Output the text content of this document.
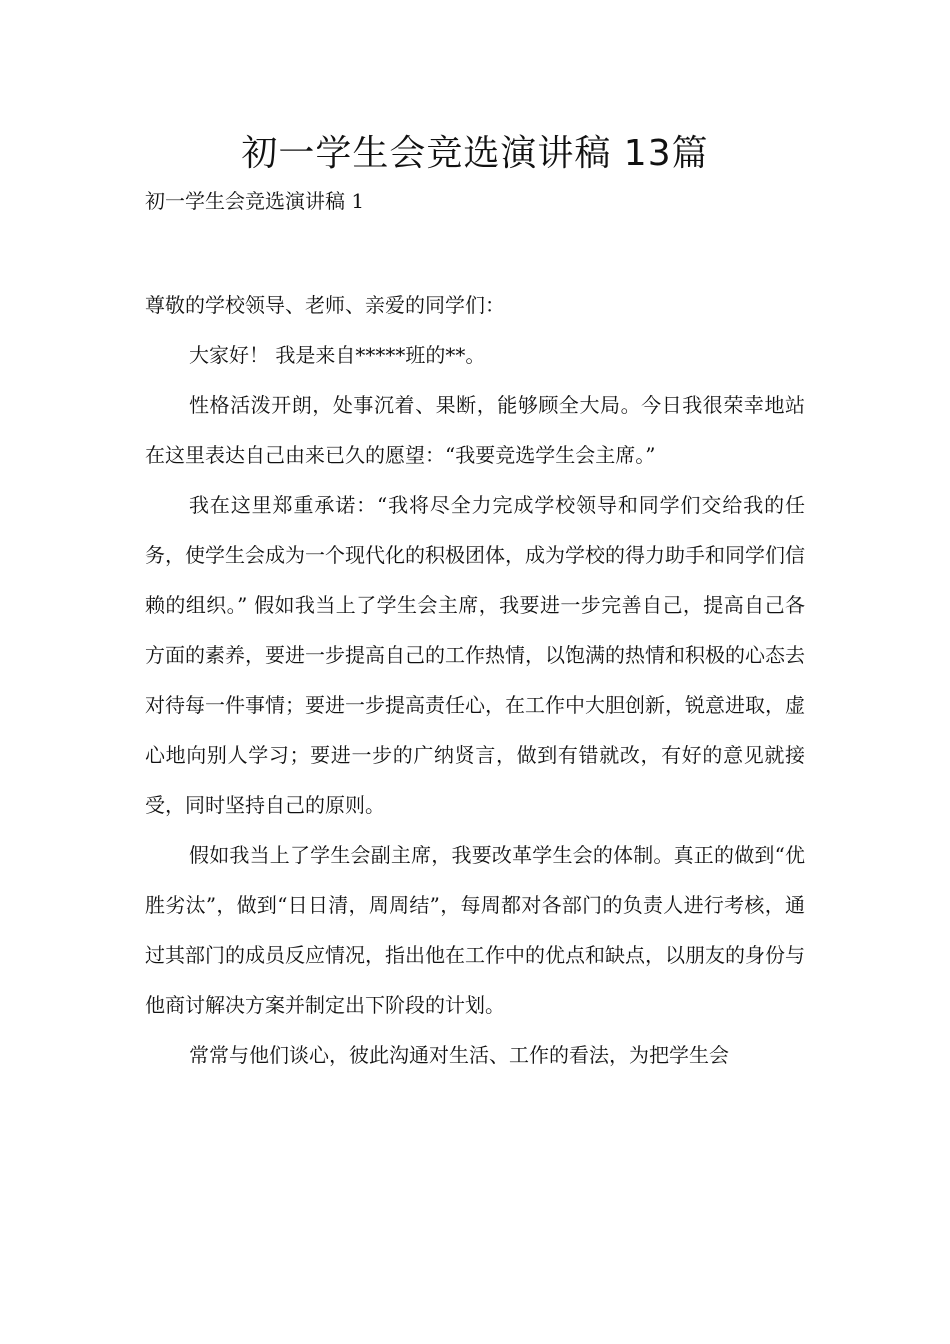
初一学生会竞选演讲稿 13篇
初一学生会竞选演讲稿 1

尊敬的学校领导、老师、亲爱的同学们：

大家好！ 我是来自*****班的**。

性格活泼开朗，处事沉着、果断，能够顾全大局。今日我很荣幸地站在这里表达自己由来已久的愿望：“我要竞选学生会主席。”

我在这里郑重承诺：“我将尽全力完成学校领导和同学们交给我的任务，使学生会成为一个现代化的积极团体，成为学校的得力助手和同学们信赖的组织。” 假如我当上了学生会主席，我要进一步完善自己，提高自己各方面的素养，要进一步提高自己的工作热情，以饱满的热情和积极的心态去对待每一件事情；要进一步提高责任心，在工作中大胆创新，锐意进取，虚心地向别人学习；要进一步的广纳贤言，做到有错就改，有好的意见就接受，同时坚持自己的原则。

假如我当上了学生会副主席，我要改革学生会的体制。真正的做到“优胜劣汰”，做到“日日清，周周结”，每周都对各部门的负责人进行考核，通过其部门的成员反应情况，指出他在工作中的优点和缺点，以朋友的身份与他商讨解决方案并制定出下阶段的计划。

常常与他们谈心，彼此沟通对生活、工作的看法，为把学生会
